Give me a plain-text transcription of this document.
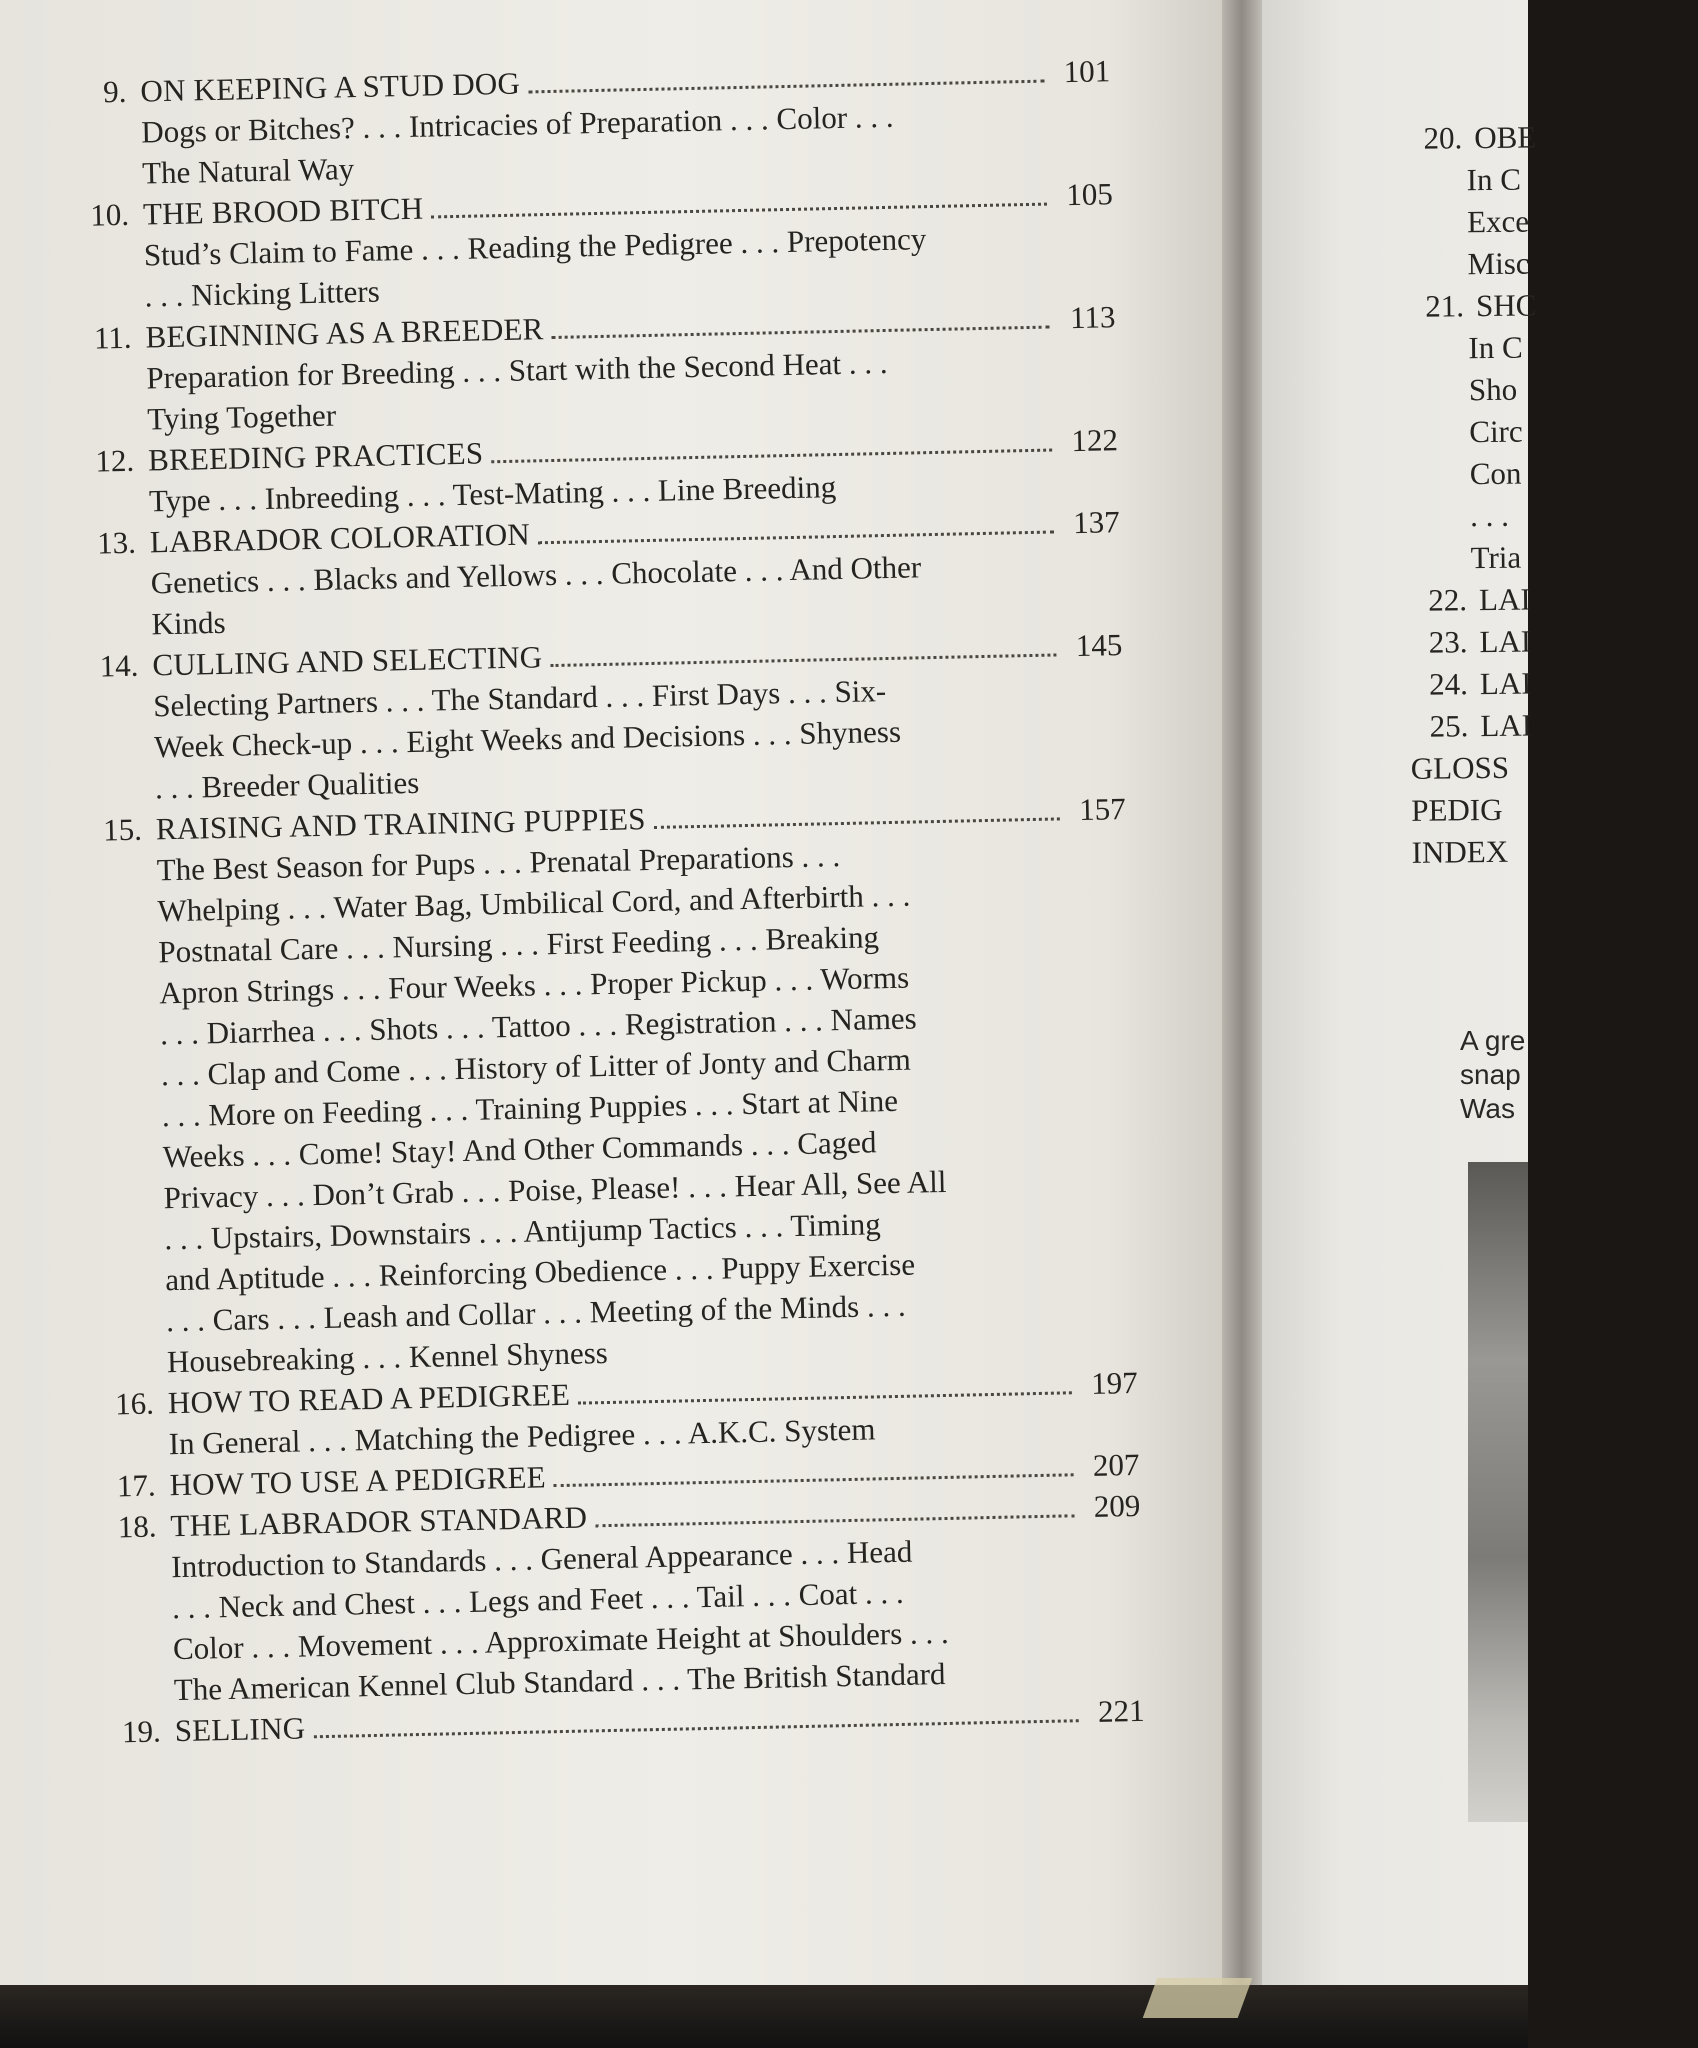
9. ON KEEPING A STUD DOG	101
Dogs or Bitches? . . . Intricacies of Preparation . . . Color . . .
The Natural Way
10. THE BROOD BITCH	105
Stud’s Claim to Fame . . . Reading the Pedigree . . . Prepotency
. . . Nicking Litters
11. BEGINNING AS A BREEDER	113
Preparation for Breeding . . . Start with the Second Heat . . .
Tying Together
12. BREEDING PRACTICES	122
Type . . . Inbreeding . . . Test-Mating . . . Line Breeding
13. LABRADOR COLORATION	137
Genetics . . . Blacks and Yellows . . . Chocolate . . . And Other
Kinds
14. CULLING AND SELECTING	145
Selecting Partners . . . The Standard . . . First Days . . . Six-
Week Check-up . . . Eight Weeks and Decisions . . . Shyness
. . . Breeder Qualities
15. RAISING AND TRAINING PUPPIES	157
The Best Season for Pups . . . Prenatal Preparations . . .
Whelping . . . Water Bag, Umbilical Cord, and Afterbirth . . .
Postnatal Care . . . Nursing . . . First Feeding . . . Breaking
Apron Strings . . . Four Weeks . . . Proper Pickup . . . Worms
. . . Diarrhea . . . Shots . . . Tattoo . . . Registration . . . Names
. . . Clap and Come . . . History of Litter of Jonty and Charm
. . . More on Feeding . . . Training Puppies . . . Start at Nine
Weeks . . . Come! Stay! And Other Commands . . . Caged
Privacy . . . Don’t Grab . . . Poise, Please! . . . Hear All, See All
. . . Upstairs, Downstairs . . . Antijump Tactics . . . Timing
and Aptitude . . . Reinforcing Obedience . . . Puppy Exercise
. . . Cars . . . Leash and Collar . . . Meeting of the Minds . . .
Housebreaking . . . Kennel Shyness
16. HOW TO READ A PEDIGREE	197
In General . . . Matching the Pedigree . . . A.K.C. System
17. HOW TO USE A PEDIGREE	207
18. THE LABRADOR STANDARD	209
Introduction to Standards . . . General Appearance . . . Head
. . . Neck and Chest . . . Legs and Feet . . . Tail . . . Coat . . .
Color . . . Movement . . . Approximate Height at Shoulders . . .
The American Kennel Club Standard . . . The British Standard
19. SELLING	221
20. OBE
In C
Exce
Misc
21. SHC
In C
Sho
Circ
Con
. . .
Tria
22. LAI
23. LAI
24. LAI
25. LAI
GLOSS
PEDIG
INDEX
A gre
snap
Was
